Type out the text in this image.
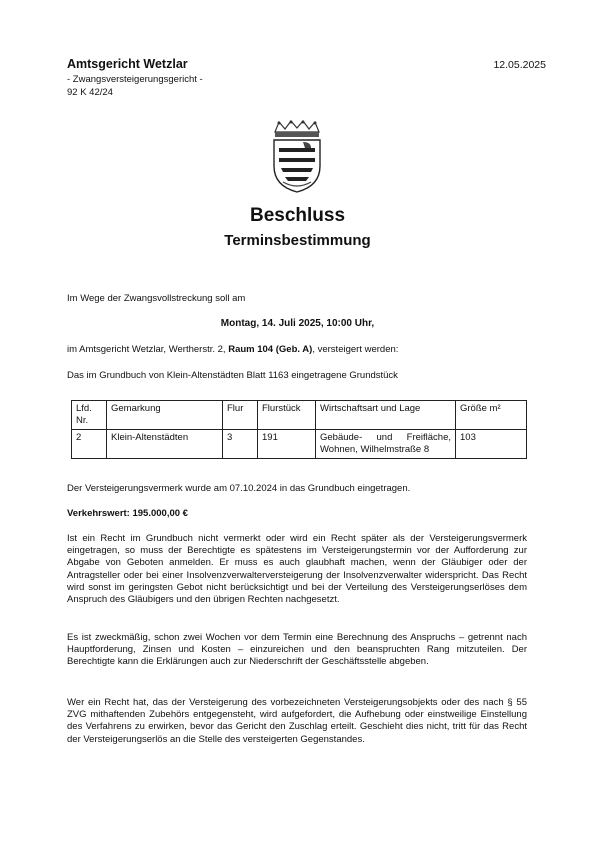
Amtsgericht Wetzlar
- Zwangsversteigerungsgericht -
92 K 42/24
12.05.2025
Beschluss
Terminsbestimmung
Im Wege der Zwangsvollstreckung soll am
Montag, 14. Juli 2025, 10:00 Uhr,
im Amtsgericht Wetzlar, Wertherstr. 2, Raum 104 (Geb. A), versteigert werden:
Das im Grundbuch von Klein-Altenstädten Blatt 1163 eingetragene Grundstück
Lfd. Nr.	Gemarkung	Flur	Flurstück	Wirtschaftsart und Lage	Größe m²
2	Klein-Altenstädten	3	191	Gebäude- und Freifläche, Wohnen, Wilhelmstraße 8	103
Der Versteigerungsvermerk wurde am 07.10.2024 in das Grundbuch eingetragen.
Verkehrswert: 195.000,00 €
Ist ein Recht im Grundbuch nicht vermerkt oder wird ein Recht später als der Versteigerungsvermerk eingetragen, so muss der Berechtigte es spätestens im Versteigerungstermin vor der Aufforderung zur Abgabe von Geboten anmelden. Er muss es auch glaubhaft machen, wenn der Gläubiger oder der Antragsteller oder bei einer Insolvenzverwalterversteigerung der Insolvenzverwalter widerspricht. Das Recht wird sonst im geringsten Gebot nicht berücksichtigt und bei der Verteilung des Versteigerungserlöses dem Anspruch des Gläubigers und den übrigen Rechten nachgesetzt.
Es ist zweckmäßig, schon zwei Wochen vor dem Termin eine Berechnung des Anspruchs – getrennt nach Hauptforderung, Zinsen und Kosten – einzureichen und den beanspruchten Rang mitzuteilen. Der Berechtigte kann die Erklärungen auch zur Niederschrift der Geschäftsstelle abgeben.
Wer ein Recht hat, das der Versteigerung des vorbezeichneten Versteigerungsobjekts oder des nach § 55 ZVG mithaftenden Zubehörs entgegensteht, wird aufgefordert, die Aufhebung oder einstweilige Einstellung des Verfahrens zu erwirken, bevor das Gericht den Zuschlag erteilt. Geschieht dies nicht, tritt für das Recht der Versteigerungserlös an die Stelle des versteigerten Gegenstandes.
